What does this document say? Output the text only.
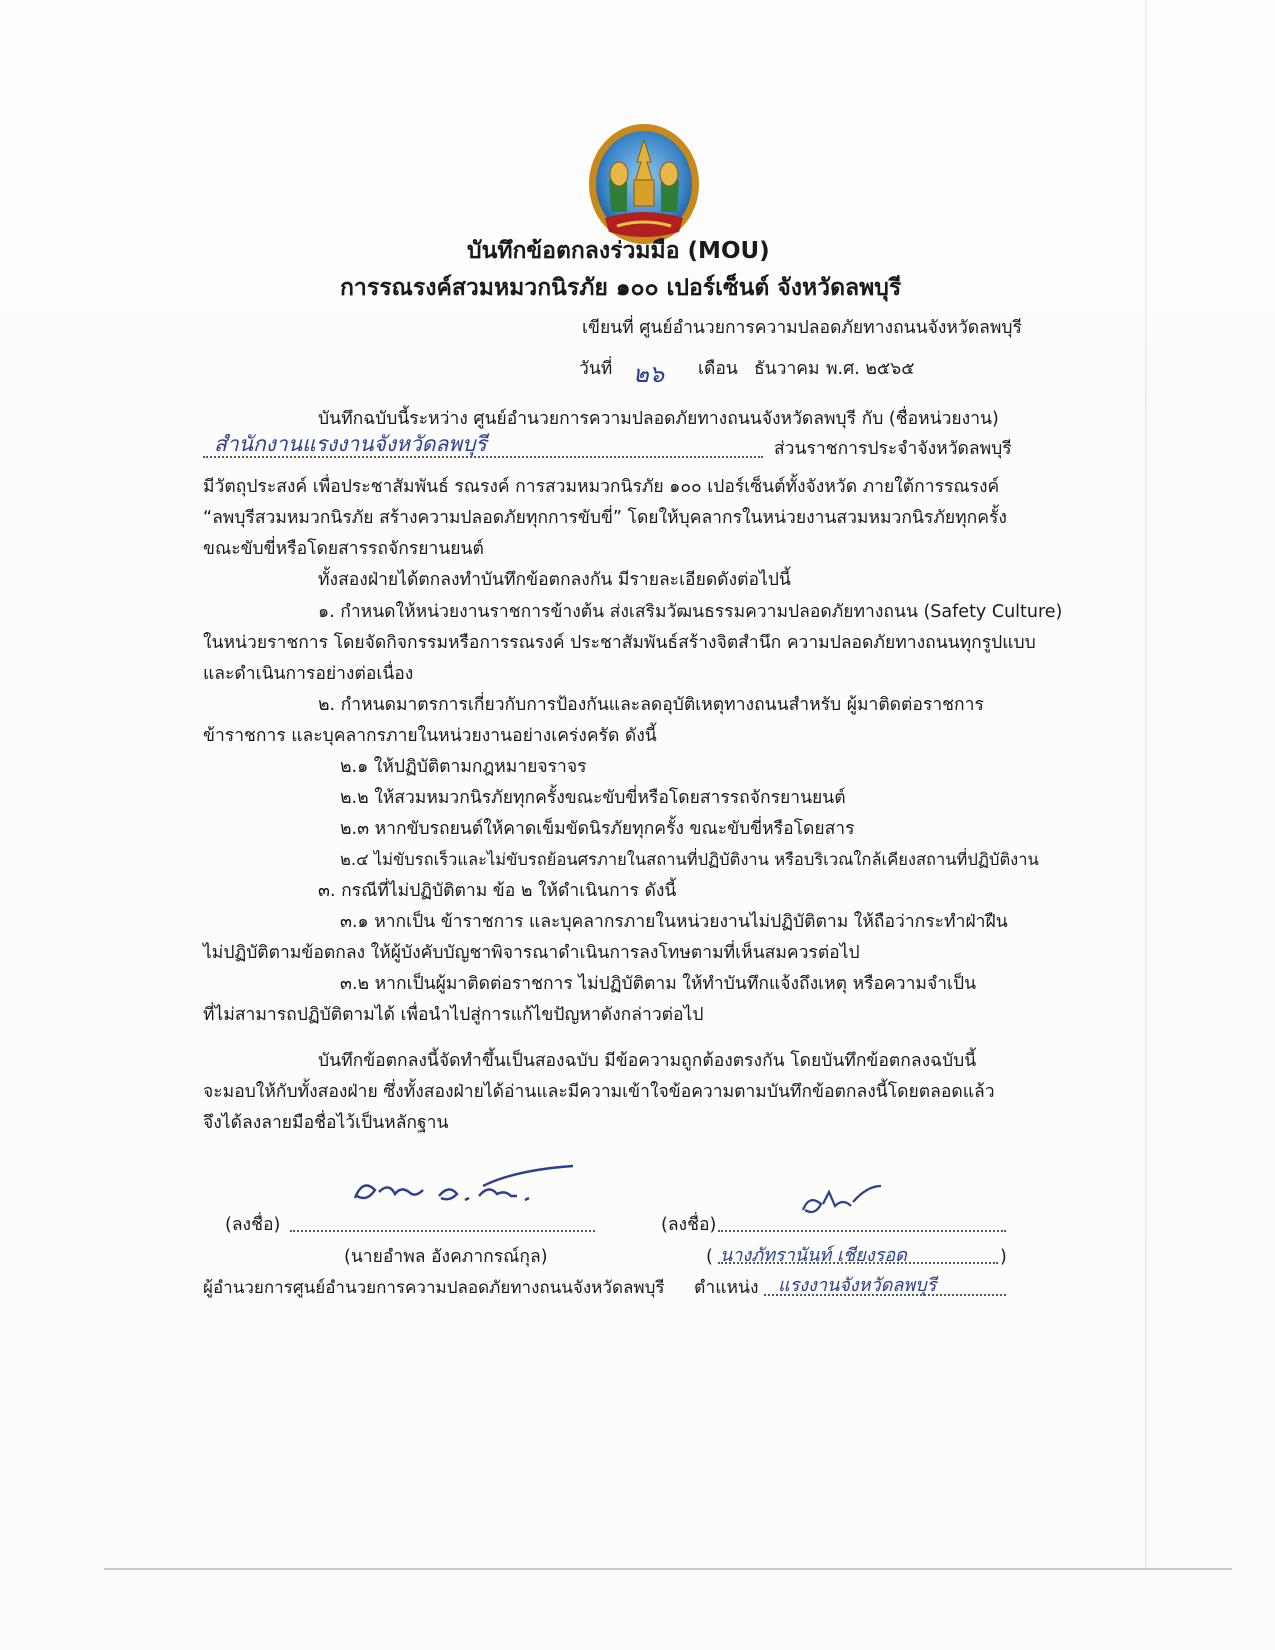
บันทึกข้อตกลงร่วมมือ (MOU)
การรณรงค์สวมหมวกนิรภัย ๑๐๐ เปอร์เซ็นต์ จังหวัดลพบุรี
เขียนที่ ศูนย์อำนวยการความปลอดภัยทางถนนจังหวัดลพบุรี
วันที่ ๒๖ เดือน ธันวาคม พ.ศ. ๒๕๖๕
บันทึกฉบับนี้ระหว่าง ศูนย์อำนวยการความปลอดภัยทางถนนจังหวัดลพบุรี กับ (ชื่อหน่วยงาน)
สำนักงานแรงงานจังหวัดลพบุรี	ส่วนราชการประจำจังหวัดลพบุรี
มีวัตถุประสงค์ เพื่อประชาสัมพันธ์ รณรงค์ การสวมหมวกนิรภัย ๑๐๐ เปอร์เซ็นต์ทั้งจังหวัด ภายใต้การรณรงค์
“ลพบุรีสวมหมวกนิรภัย สร้างความปลอดภัยทุกการขับขี่” โดยให้บุคลากรในหน่วยงานสวมหมวกนิรภัยทุกครั้ง
ขณะขับขี่หรือโดยสารรถจักรยานยนต์
ทั้งสองฝ่ายได้ตกลงทำบันทึกข้อตกลงกัน มีรายละเอียดดังต่อไปนี้
๑. กำหนดให้หน่วยงานราชการข้างต้น ส่งเสริมวัฒนธรรมความปลอดภัยทางถนน (Safety Culture)
ในหน่วยราชการ โดยจัดกิจกรรมหรือการรณรงค์ ประชาสัมพันธ์สร้างจิตสำนึก ความปลอดภัยทางถนนทุกรูปแบบ
และดำเนินการอย่างต่อเนื่อง
๒. กำหนดมาตรการเกี่ยวกับการป้องกันและลดอุบัติเหตุทางถนนสำหรับ ผู้มาติดต่อราชการ
ข้าราชการ และบุคลากรภายในหน่วยงานอย่างเคร่งครัด ดังนี้
๒.๑ ให้ปฏิบัติตามกฎหมายจราจร
๒.๒ ให้สวมหมวกนิรภัยทุกครั้งขณะขับขี่หรือโดยสารรถจักรยานยนต์
๒.๓ หากขับรถยนต์ให้คาดเข็มขัดนิรภัยทุกครั้ง ขณะขับขี่หรือโดยสาร
๒.๔ ไม่ขับรถเร็วและไม่ขับรถย้อนศรภายในสถานที่ปฏิบัติงาน หรือบริเวณใกล้เคียงสถานที่ปฏิบัติงาน
๓. กรณีที่ไม่ปฏิบัติตาม ข้อ ๒ ให้ดำเนินการ ดังนี้
๓.๑ หากเป็น ข้าราชการ และบุคลากรภายในหน่วยงานไม่ปฏิบัติตาม ให้ถือว่ากระทำฝ่าฝืน
ไม่ปฏิบัติตามข้อตกลง ให้ผู้บังคับบัญชาพิจารณาดำเนินการลงโทษตามที่เห็นสมควรต่อไป
๓.๒ หากเป็นผู้มาติดต่อราชการ ไม่ปฏิบัติตาม ให้ทำบันทึกแจ้งถึงเหตุ หรือความจำเป็น
ที่ไม่สามารถปฏิบัติตามได้ เพื่อนำไปสู่การแก้ไขปัญหาดังกล่าวต่อไป
บันทึกข้อตกลงนี้จัดทำขึ้นเป็นสองฉบับ มีข้อความถูกต้องตรงกัน โดยบันทึกข้อตกลงฉบับนี้
จะมอบให้กับทั้งสองฝ่าย ซึ่งทั้งสองฝ่ายได้อ่านและมีความเข้าใจข้อความตามบันทึกข้อตกลงนี้โดยตลอดแล้ว
จึงได้ลงลายมือชื่อไว้เป็นหลักฐาน
(ลงชื่อ)
(นายอำพล อังคภากรณ์กุล)
ผู้อำนวยการศูนย์อำนวยการความปลอดภัยทางถนนจังหวัดลพบุรี
(ลงชื่อ)
( นางภัทรานันท์ เชียงรอด	)
ตำแหน่ง แรงงานจังหวัดลพบุรี
